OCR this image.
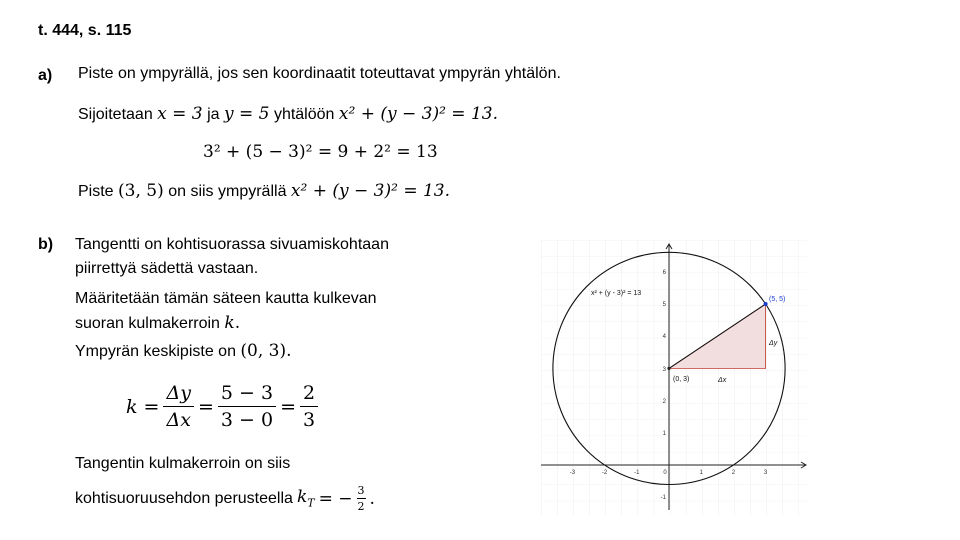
t. 444, s. 115
a) Piste on ympyrällä, jos sen koordinaatit toteuttavat ympyrän yhtälön.
Sijoitetaan x = 3 ja y = 5 yhtälöön x² + (y − 3)² = 13.
3² + (5 − 3)² = 9 + 2² = 13
Piste (3, 5) on siis ympyrällä x² + (y − 3)² = 13.
b) Tangentti on kohtisuorassa sivuamiskohtaan
piirrettyä sädettä vastaan.
Määritetään tämän säteen kautta kulkevan
suoran kulmakerroin k.
Ympyrän keskipiste on (0, 3).
$k = \frac{\Delta y}{\Delta x} = \frac{5 - 3}{3 - 0} = \frac{2}{3}$
Tangentin kulmakerroin on siis
kohtisuoruusehdon perusteella $k_T$ = − $\frac{3}{2}$ .
x² + (y - 3)² = 13
(5, 5)
(0, 3)	Δx
Δy
-3	-2	-1	0	1	2	3
-1
1
2
3
4
5
6
